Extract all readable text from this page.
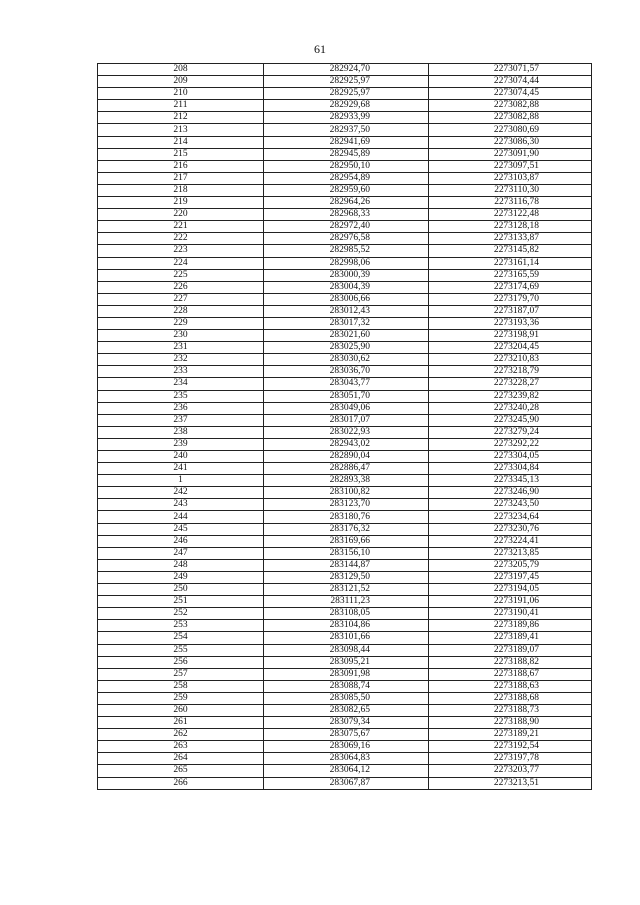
61
208	282924,70	2273071,57
209	282925,97	2273074,44
210	282925,97	2273074,45
211	282929,68	2273082,88
212	282933,99	2273082,88
213	282937,50	2273080,69
214	282941,69	2273086,30
215	282945,89	2273091,90
216	282950,10	2273097,51
217	282954,89	2273103,87
218	282959,60	2273110,30
219	282964,26	2273116,78
220	282968,33	2273122,48
221	282972,40	2273128,18
222	282976,58	2273133,87
223	282985,52	2273145,82
224	282998,06	2273161,14
225	283000,39	2273165,59
226	283004,39	2273174,69
227	283006,66	2273179,70
228	283012,43	2273187,07
229	283017,32	2273193,36
230	283021,60	2273198,91
231	283025,90	2273204,45
232	283030,62	2273210,83
233	283036,70	2273218,79
234	283043,77	2273228,27
235	283051,70	2273239,82
236	283049,06	2273240,28
237	283017,07	2273245,90
238	283022,93	2273279,24
239	282943,02	2273292,22
240	282890,04	2273304,05
241	282886,47	2273304,84
1	282893,38	2273345,13
242	283100,82	2273246,90
243	283123,70	2273243,50
244	283180,76	2273234,64
245	283176,32	2273230,76
246	283169,66	2273224,41
247	283156,10	2273213,85
248	283144,87	2273205,79
249	283129,50	2273197,45
250	283121,52	2273194,05
251	283111,23	2273191,06
252	283108,05	2273190,41
253	283104,86	2273189,86
254	283101,66	2273189,41
255	283098,44	2273189,07
256	283095,21	2273188,82
257	283091,98	2273188,67
258	283088,74	2273188,63
259	283085,50	2273188,68
260	283082,65	2273188,73
261	283079,34	2273188,90
262	283075,67	2273189,21
263	283069,16	2273192,54
264	283064,83	2273197,78
265	283064,12	2273203,77
266	283067,87	2273213,51
